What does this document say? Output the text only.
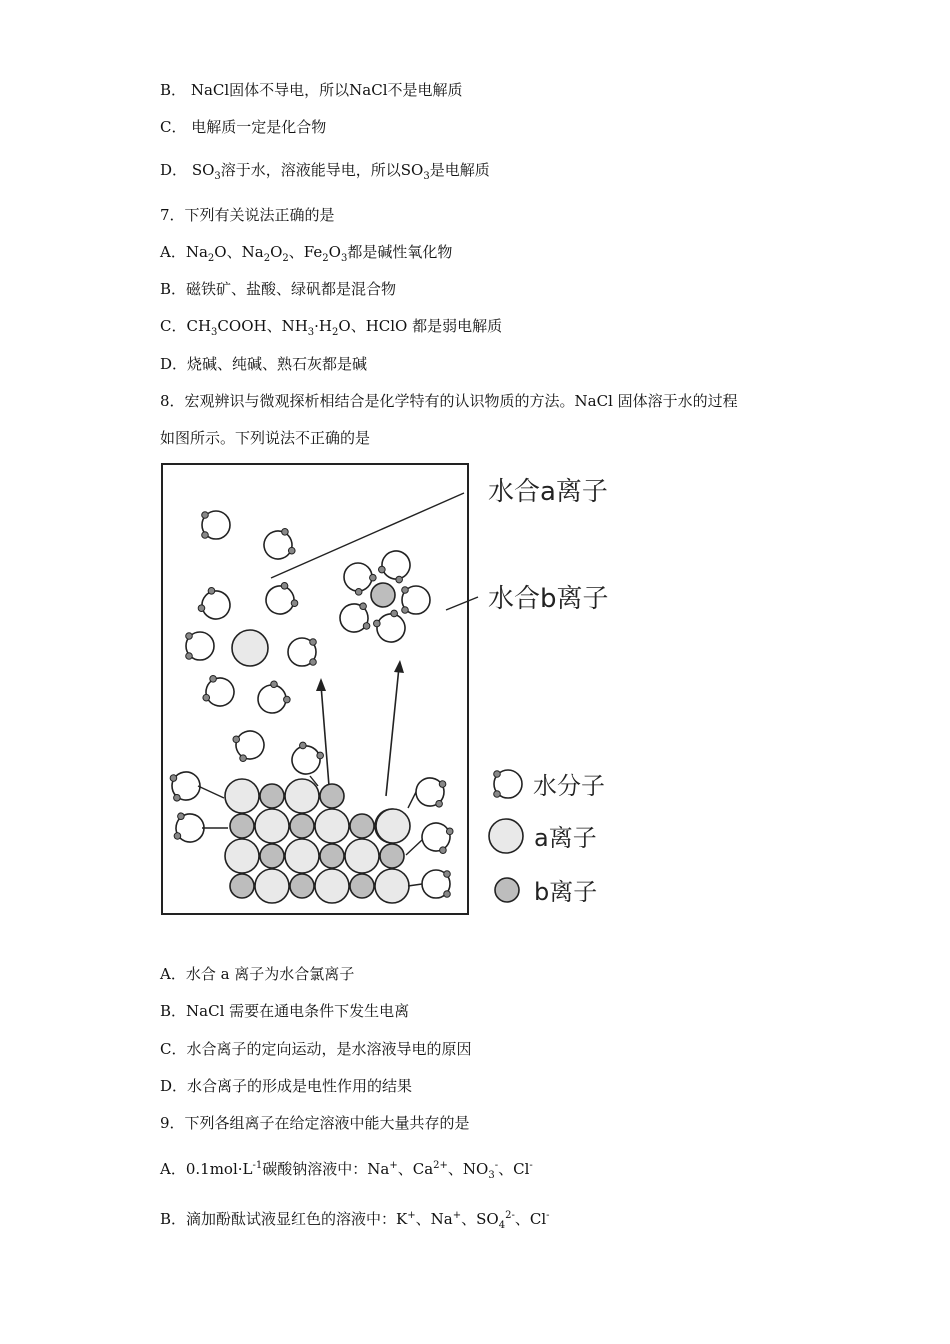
B． NaCl固体不导电，所以NaCl不是电解质
C． 电解质一定是化合物
D． $SO_3$溶于水，溶液能导电，所以$SO_3$是电解质
7．下列有关说法正确的是
A．$Na_2O$、$Na_2O_2$、$Fe_2O_3$都是碱性氧化物
B．磁铁矿、盐酸、绿矾都是混合物
C．$CH_3COOH$、$NH_3\cdot H_2O$、HClO 都是弱电解质
D．烧碱、纯碱、熟石灰都是碱
8．宏观辨识与微观探析相结合是化学特有的认识物质的方法。NaCl 固体溶于水的过程
如图所示。下列说法不正确的是
水合a离子
水合b离子
水分子
a离子
b离子
A．水合 a 离子为水合氯离子
B．NaCl 需要在通电条件下发生电离
C．水合离子的定向运动，是水溶液导电的原因
D．水合离子的形成是电性作用的结果
9．下列各组离子在给定溶液中能大量共存的是
A．$0.1mol\cdot L^{-1}$碳酸钠溶液中：Na+、$Ca^{2+}$、$NO_3^-$、Cl-
B．滴加酚酞试液显红色的溶液中：K+、Na+、$SO_4^{2-}$、Cl-
